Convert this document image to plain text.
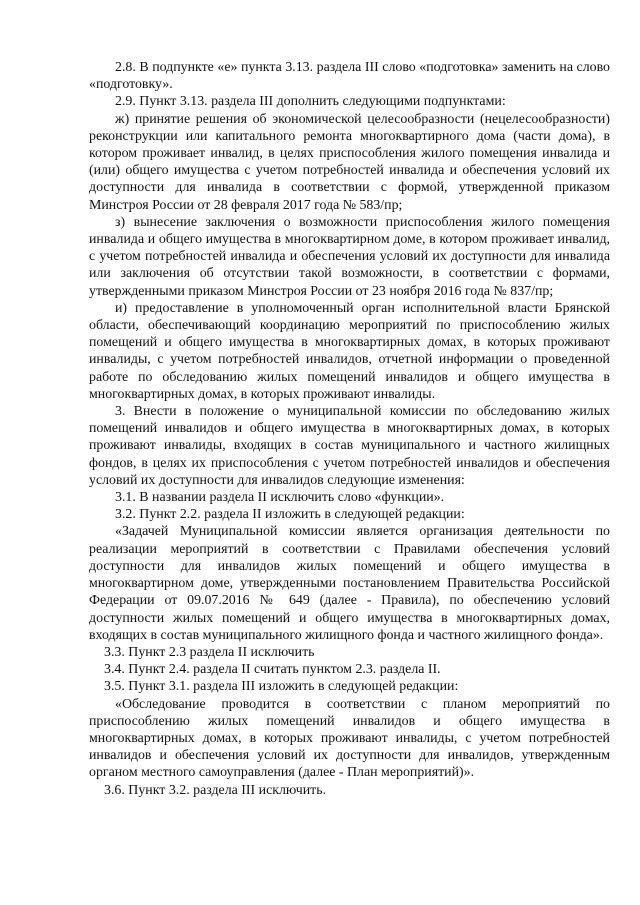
2.8. В подпункте «е» пункта 3.13. раздела III слово «подготовка» заменить на слово «подготовку».

2.9. Пункт 3.13. раздела III дополнить следующими подпунктами:

ж) принятие решения об экономической целесообразности (нецелесообразности) реконструкции или капитального ремонта многоквартирного дома (части дома), в котором проживает инвалид, в целях приспособления жилого помещения инвалида и (или) общего имущества с учетом потребностей инвалида и обеспечения условий их доступности для инвалида в соответствии с формой, утвержденной приказом Минстроя России от 28 февраля 2017 года № 583/пр;

з) вынесение заключения о возможности приспособления жилого помещения инвалида и общего имущества в многоквартирном доме, в котором проживает инвалид, с учетом потребностей инвалида и обеспечения условий их доступности для инвалида или заключения об отсутствии такой возможности, в соответствии с формами, утвержденными приказом Минстроя России от 23 ноября 2016 года № 837/пр;

и) предоставление в уполномоченный орган исполнительной власти Брянской области, обеспечивающий координацию мероприятий по приспособлению жилых помещений и общего имущества в многоквартирных домах, в которых проживают инвалиды, с учетом потребностей инвалидов, отчетной информации о проведенной работе по обследованию жилых помещений инвалидов и общего имущества в многоквартирных домах, в которых проживают инвалиды.

3. Внести в положение о муниципальной комиссии по обследованию жилых помещений инвалидов и общего имущества в многоквартирных домах, в которых проживают инвалиды, входящих в состав муниципального и частного жилищных фондов, в целях их приспособления с учетом потребностей инвалидов и обеспечения условий их доступности для инвалидов следующие изменения:

3.1. В названии раздела II исключить слово «функции».

3.2. Пункт 2.2. раздела II изложить в следующей редакции:

«Задачей Муниципальной комиссии является организация деятельности по реализации мероприятий в соответствии с Правилами обеспечения условий доступности для инвалидов жилых помещений и общего имущества в многоквартирном доме, утвержденными постановлением Правительства Российской Федерации от 09.07.2016 № 649 (далее - Правила), по обеспечению условий доступности жилых помещений и общего имущества в многоквартирных домах, входящих в состав муниципального жилищного фонда и частного жилищного фонда».

3.3. Пункт 2.3 раздела II исключить

3.4. Пункт 2.4. раздела II считать пунктом 2.3. раздела II.

3.5. Пункт 3.1. раздела III изложить в следующей редакции:

«Обследование проводится в соответствии с планом мероприятий по приспособлению жилых помещений инвалидов и общего имущества в многоквартирных домах, в которых проживают инвалиды, с учетом потребностей инвалидов и обеспечения условий их доступности для инвалидов, утвержденным органом местного самоуправления (далее - План мероприятий)».

3.6. Пункт 3.2. раздела III исключить.
